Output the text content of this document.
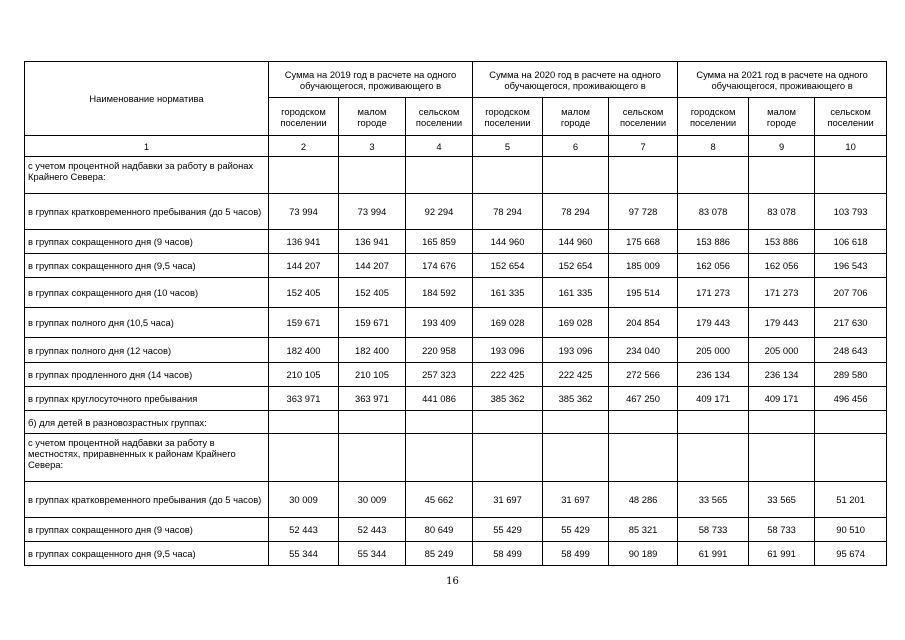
Наименование норматива	Сумма на 2019 год в расчете на одного обучающегося, проживающего в			Сумма на 2020 год в расчете на одного обучающегося, проживающего в			Сумма на 2021 год в расчете на одного обучающегося, проживающего в		
	городском поселении	малом городе	сельском поселении	городском поселении	малом городе	сельском поселении	городском поселении	малом городе	сельском поселении
1	2	3	4	5	6	7	8	9	10
с учетом процентной надбавки за работу в районах Крайнего Севера:									
в группах кратковременного пребывания (до 5 часов)	73 994	73 994	92 294	78 294	78 294	97 728	83 078	83 078	103 793
в группах сокращенного дня (9 часов)	136 941	136 941	165 859	144 960	144 960	175 668	153 886	153 886	106 618
в группах сокращенного дня (9,5 часа)	144 207	144 207	174 676	152 654	152 654	185 009	162 056	162 056	196 543
в группах сокращенного дня (10 часов)	152 405	152 405	184 592	161 335	161 335	195 514	171 273	171 273	207 706
в группах полного дня (10,5 часа)	159 671	159 671	193 409	169 028	169 028	204 854	179 443	179 443	217 630
в группах полного дня (12 часов)	182 400	182 400	220 958	193 096	193 096	234 040	205 000	205 000	248 643
в группах продленного дня (14 часов)	210 105	210 105	257 323	222 425	222 425	272 566	236 134	236 134	289 580
в группах круглосуточного пребывания	363 971	363 971	441 086	385 362	385 362	467 250	409 171	409 171	496 456
б) для детей в разновозрастных группах:									
с учетом процентной надбавки за работу в местностях, приравненных к районам Крайнего Севера:									
в группах кратковременного пребывания (до 5 часов)	30 009	30 009	45 662	31 697	31 697	48 286	33 565	33 565	51 201
в группах сокращенного дня (9 часов)	52 443	52 443	80 649	55 429	55 429	85 321	58 733	58 733	90 510
в группах сокращенного дня (9,5 часа)	55 344	55 344	85 249	58 499	58 499	90 189	61 991	61 991	95 674
16
